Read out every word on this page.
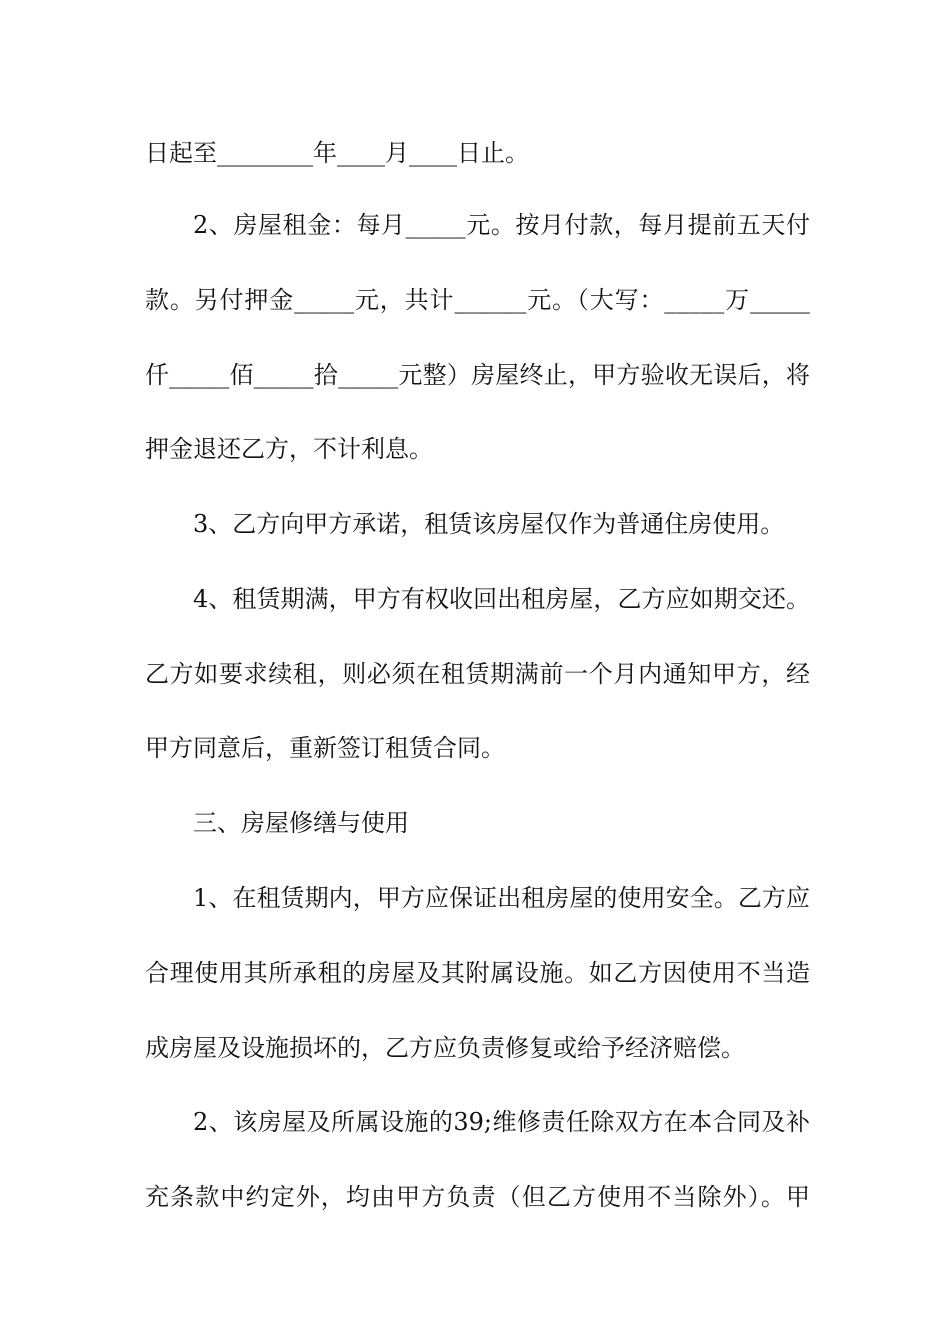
日起至________年____月____日止。
2、房屋租金：每月_____元。按月付款，每月提前五天付
款。另付押金_____元，共计______元。（大写：_____万_____
仟_____佰_____拾_____元整）房屋终止，甲方验收无误后，将
押金退还乙方，不计利息。
3、乙方向甲方承诺，租赁该房屋仅作为普通住房使用。
4、租赁期满，甲方有权收回出租房屋，乙方应如期交还。
乙方如要求续租，则必须在租赁期满前一个月内通知甲方，经
甲方同意后，重新签订租赁合同。
三、房屋修缮与使用
1、在租赁期内，甲方应保证出租房屋的使用安全。乙方应
合理使用其所承租的房屋及其附属设施。如乙方因使用不当造
成房屋及设施损坏的，乙方应负责修复或给予经济赔偿。
2、该房屋及所属设施的39;维修责任除双方在本合同及补
充条款中约定外，均由甲方负责（但乙方使用不当除外）。甲
